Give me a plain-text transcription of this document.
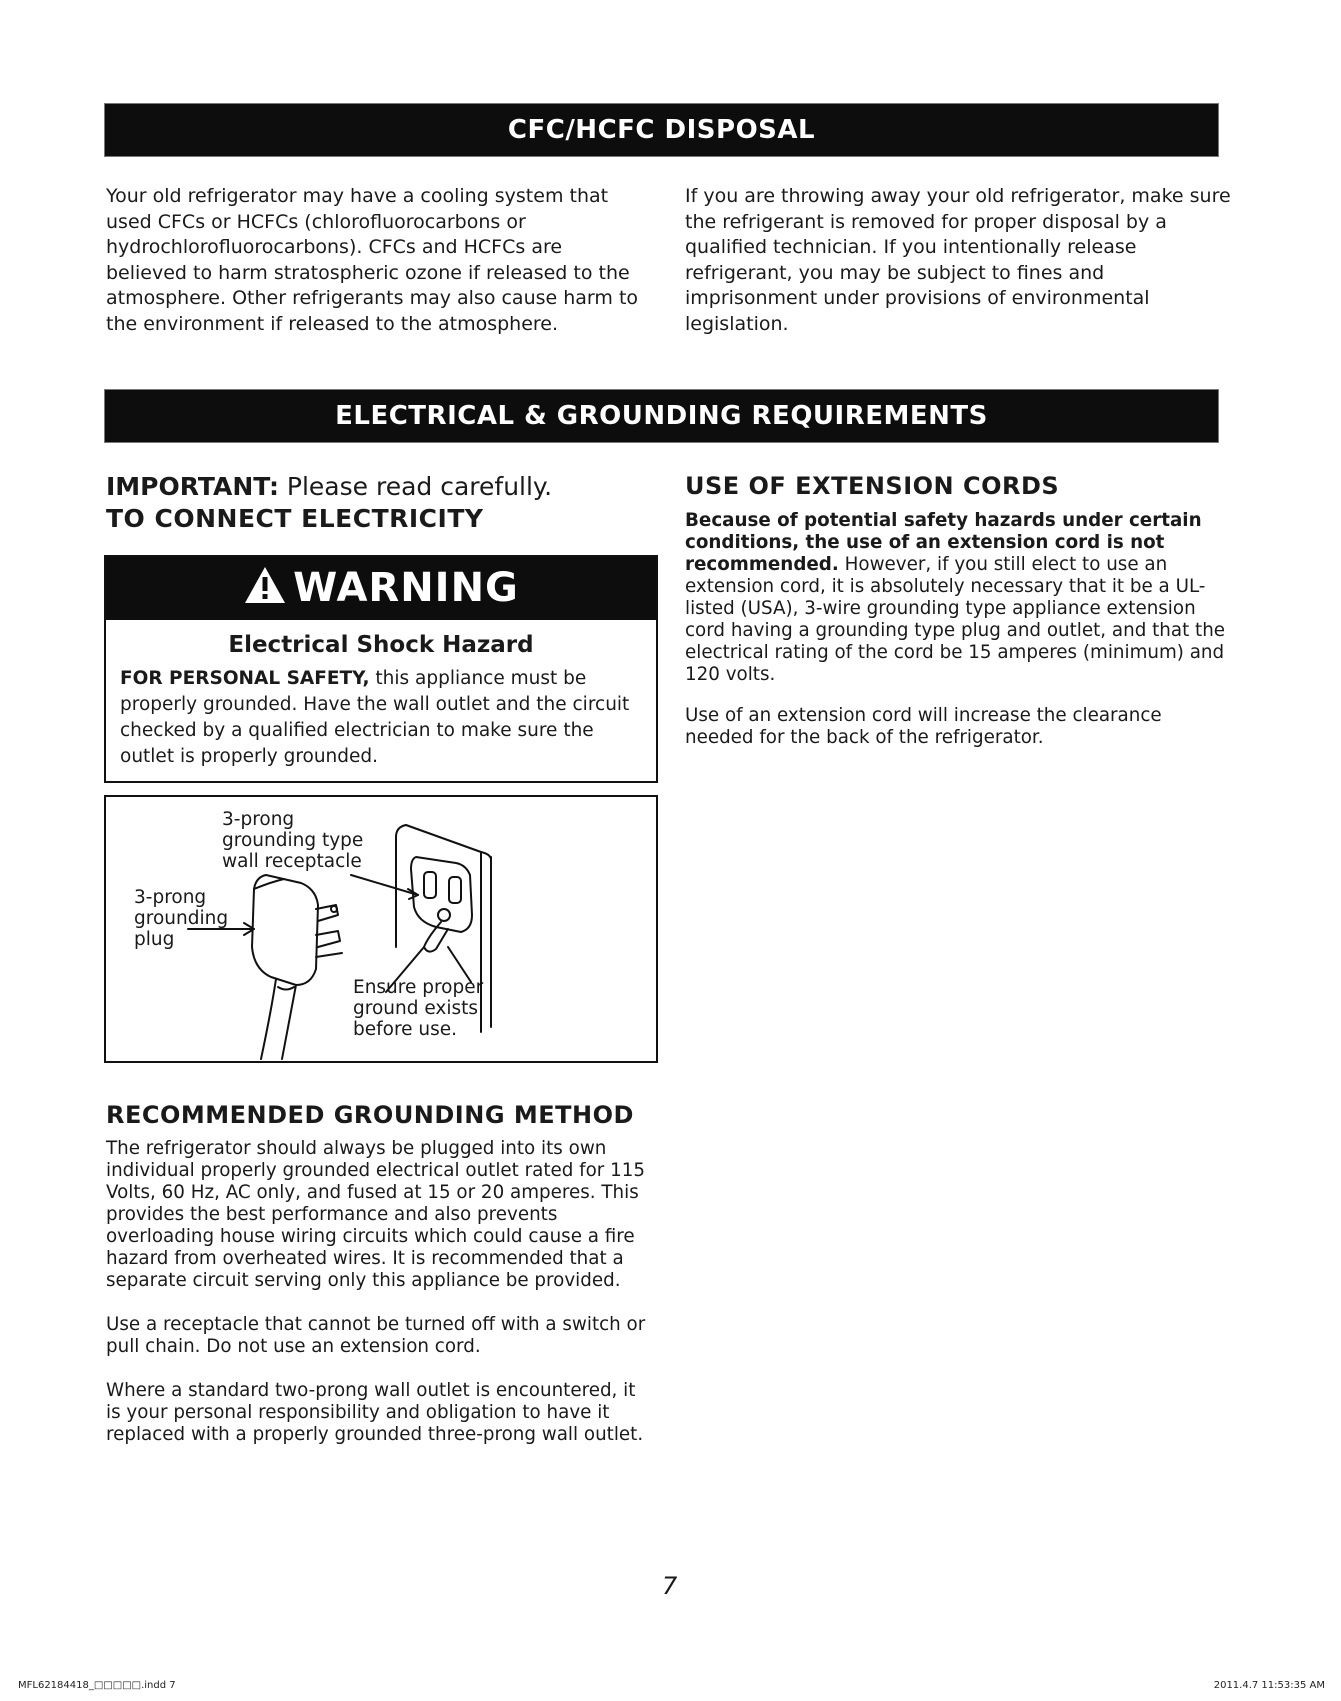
CFC/HCFC DISPOSAL

Your old refrigerator may have a cooling system that used CFCs or HCFCs (chlorofluorocarbons or hydrochlorofluorocarbons). CFCs and HCFCs are believed to harm stratospheric ozone if released to the atmosphere. Other refrigerants may also cause harm to the environment if released to the atmosphere.

If you are throwing away your old refrigerator, make sure the refrigerant is removed for proper disposal by a qualified technician. If you intentionally release refrigerant, you may be subject to fines and imprisonment under provisions of environmental legislation.

ELECTRICAL & GROUNDING REQUIREMENTS
IMPORTANT: Please read carefully.
TO CONNECT ELECTRICITY
WARNING
Electrical Shock Hazard

FOR PERSONAL SAFETY, this appliance must be properly grounded. Have the wall outlet and the circuit checked by a qualified electrician to make sure the outlet is properly grounded.

3-prong
grounding type
wall receptacle
3-prong
grounding
plug
Ensure proper
ground exists
before use.
RECOMMENDED GROUNDING METHOD

The refrigerator should always be plugged into its own individual properly grounded electrical outlet rated for 115 Volts, 60 Hz, AC only, and fused at 15 or 20 amperes. This provides the best performance and also prevents overloading house wiring circuits which could cause a fire hazard from overheated wires. It is recommended that a separate circuit serving only this appliance be provided.

Use a receptacle that cannot be turned off with a switch or pull chain. Do not use an extension cord.

Where a standard two-prong wall outlet is encountered, it is your personal responsibility and obligation to have it replaced with a properly grounded three-prong wall outlet.

USE OF EXTENSION CORDS

Because of potential safety hazards under certain conditions, the use of an extension cord is not recommended. However, if you still elect to use an extension cord, it is absolutely necessary that it be a UL-listed (USA), 3-wire grounding type appliance extension cord having a grounding type plug and outlet, and that the electrical rating of the cord be 15 amperes (minimum) and 120 volts.

Use of an extension cord will increase the clearance needed for the back of the refrigerator.

7
MFL62184418_□□□□□.indd 7	2011.4.7 11:53:35 AM
